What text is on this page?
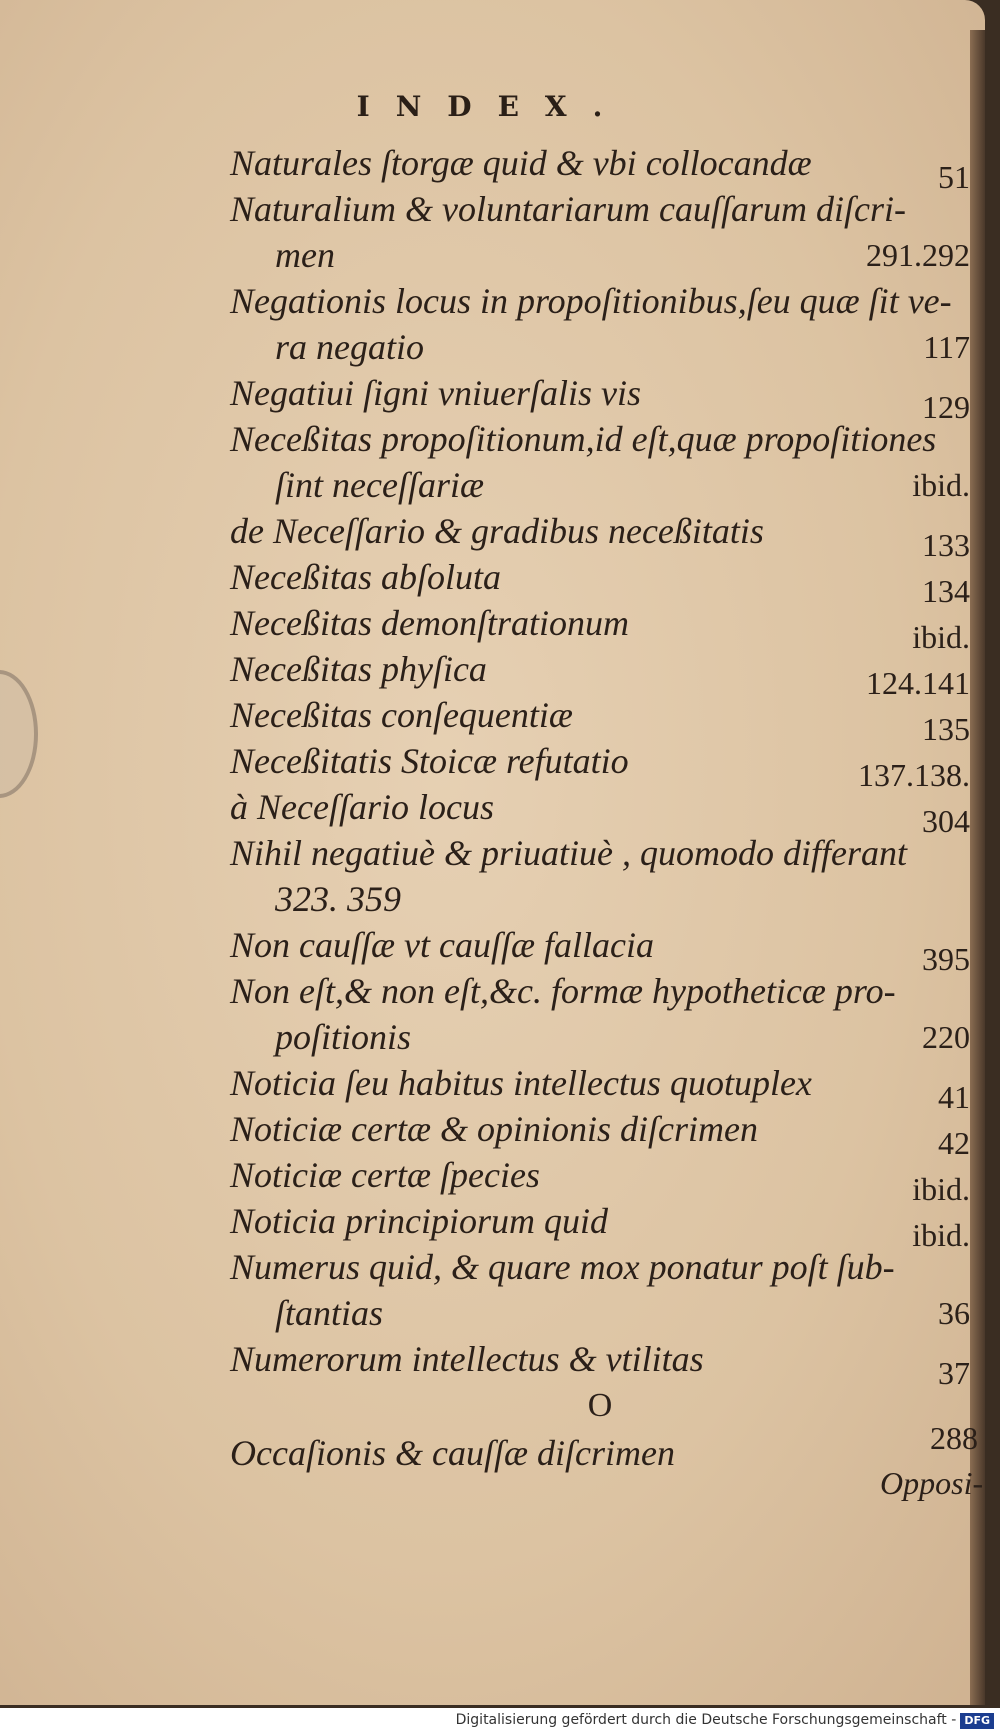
INDEX.
Naturales ſtorgæ quid & vbi collocandæ	51
Naturalium & voluntariarum cauſſarum diſcri-
men	291.292
Negationis locus in propoſitionibus,ſeu quæ ſit ve-
ra negatio	117
Negatiui ſigni vniuerſalis vis	129
Neceßitas propoſitionum,id eſt,quæ propoſitiones
ſint neceſſariæ	ibid.
de Neceſſario & gradibus neceßitatis	133
Neceßitas abſoluta	134
Neceßitas demonſtrationum	ibid.
Neceßitas phyſica	124.141
Neceßitas conſequentiæ	135
Neceßitatis Stoicæ refutatio	137.138.
à Neceſſario locus	304
Nihil negatiuè & priuatiuè , quomodo differant
323. 359
Non cauſſæ vt cauſſæ fallacia	395
Non eſt,& non eſt,&c. formæ hypotheticæ pro-
poſitionis	220
Noticia ſeu habitus intellectus quotuplex	41
Noticiæ certæ & opinionis diſcrimen	42
Noticiæ certæ ſpecies	ibid.
Noticia principiorum quid	ibid.
Numerus quid, & quare mox ponatur poſt ſub-
ſtantias	36
Numerorum intellectus & vtilitas	37
O
Occaſionis & cauſſæ diſcrimen	288
Opposi-
Digitalisierung gefördert durch die Deutsche Forschungsgemeinschaft - DFG
